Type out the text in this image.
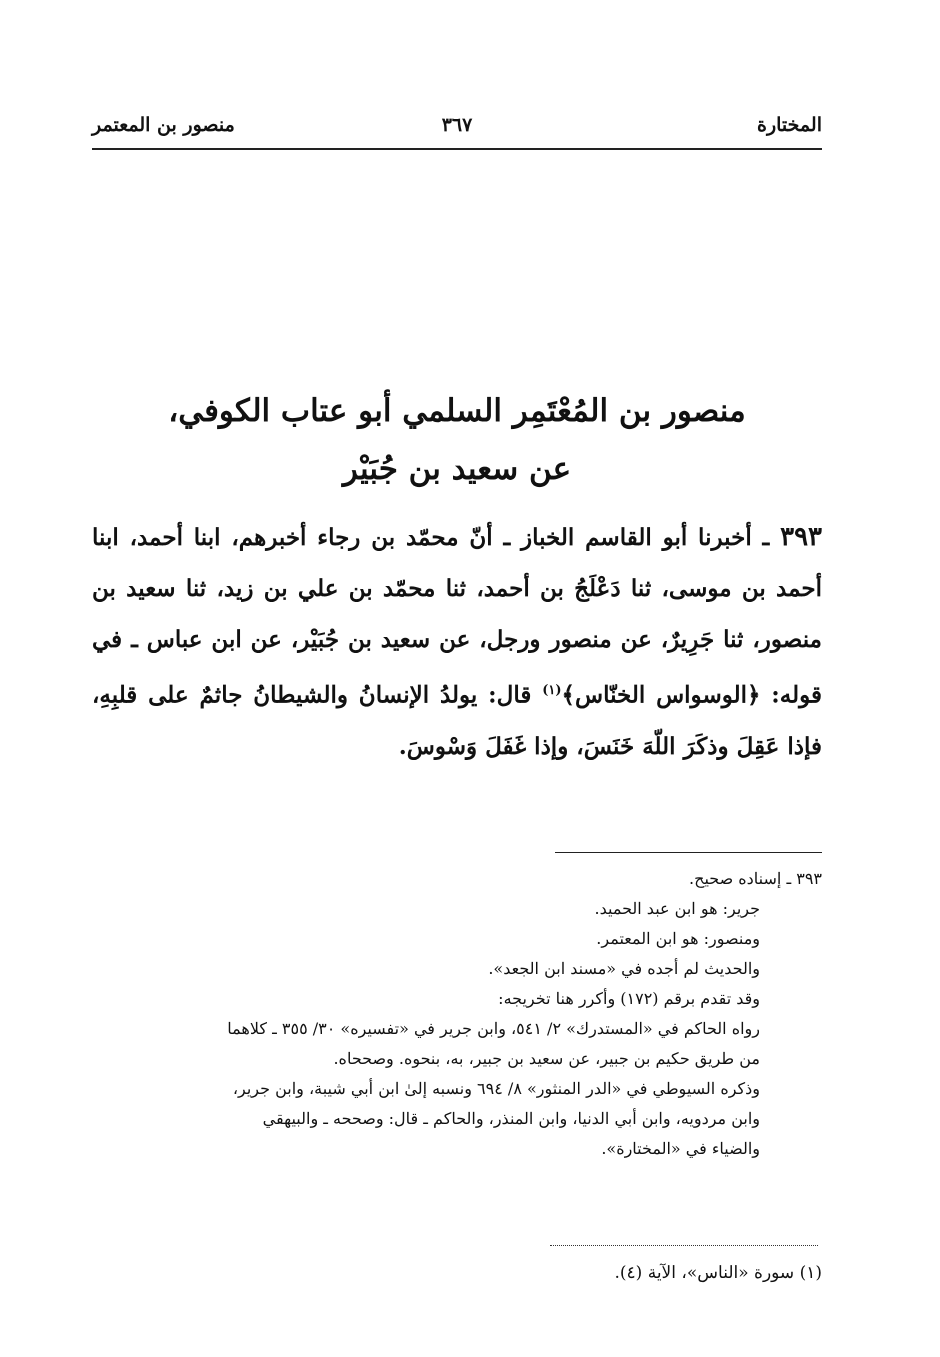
المختارة
٣٦٧
منصور بن المعتمر
منصور بن المُعْتَمِر السلمي أبو عتاب الكوفي،
عن سعيد بن جُبَيْر

٣٩٣ ـ أخبرنا أبو القاسم الخباز ـ أنّ محمّد بن رجاء أخبرهم، ابنا أحمد، ابنا أحمد بن موسى، ثنا دَعْلَجُ بن أحمد، ثنا محمّد بن علي بن زيد، ثنا سعيد بن منصور، ثنا جَرِيرٌ، عن منصور ورجل، عن سعيد بن جُبَيْر، عن ابن عباس ـ في قوله: ﴿الوسواس الخنّاس﴾$^{(١)}$ قال: يولدُ الإنسانُ والشيطانُ جاثمٌ على قلبِهِ، فإذا عَقِلَ وذكَرَ اللّهَ خَنَسَ، وإذا غَفَلَ وَسْوسَ.

٣٩٣ ـ إسناده صحيح.
جرير: هو ابن عبد الحميد.
ومنصور: هو ابن المعتمر.
والحديث لم أجده في «مسند ابن الجعد».
وقد تقدم برقم (١٧٢) وأكرر هنا تخريجه:
رواه الحاكم في «المستدرك» ٢/ ٥٤١، وابن جرير في «تفسيره» ٣٠/ ٣٥٥ ـ كلاهما
من طريق حكيم بن جبير، عن سعيد بن جبير، به، بنحوه. وصححاه.
وذكره السيوطي في «الدر المنثور» ٨/ ٦٩٤ ونسبه إلىٰ ابن أبي شيبة، وابن جرير،
وابن مردويه، وابن أبي الدنيا، وابن المنذر، والحاكم ـ قال: وصححه ـ والبيهقي
والضياء في «المختارة».
(١) سورة «الناس»، الآية (٤).
